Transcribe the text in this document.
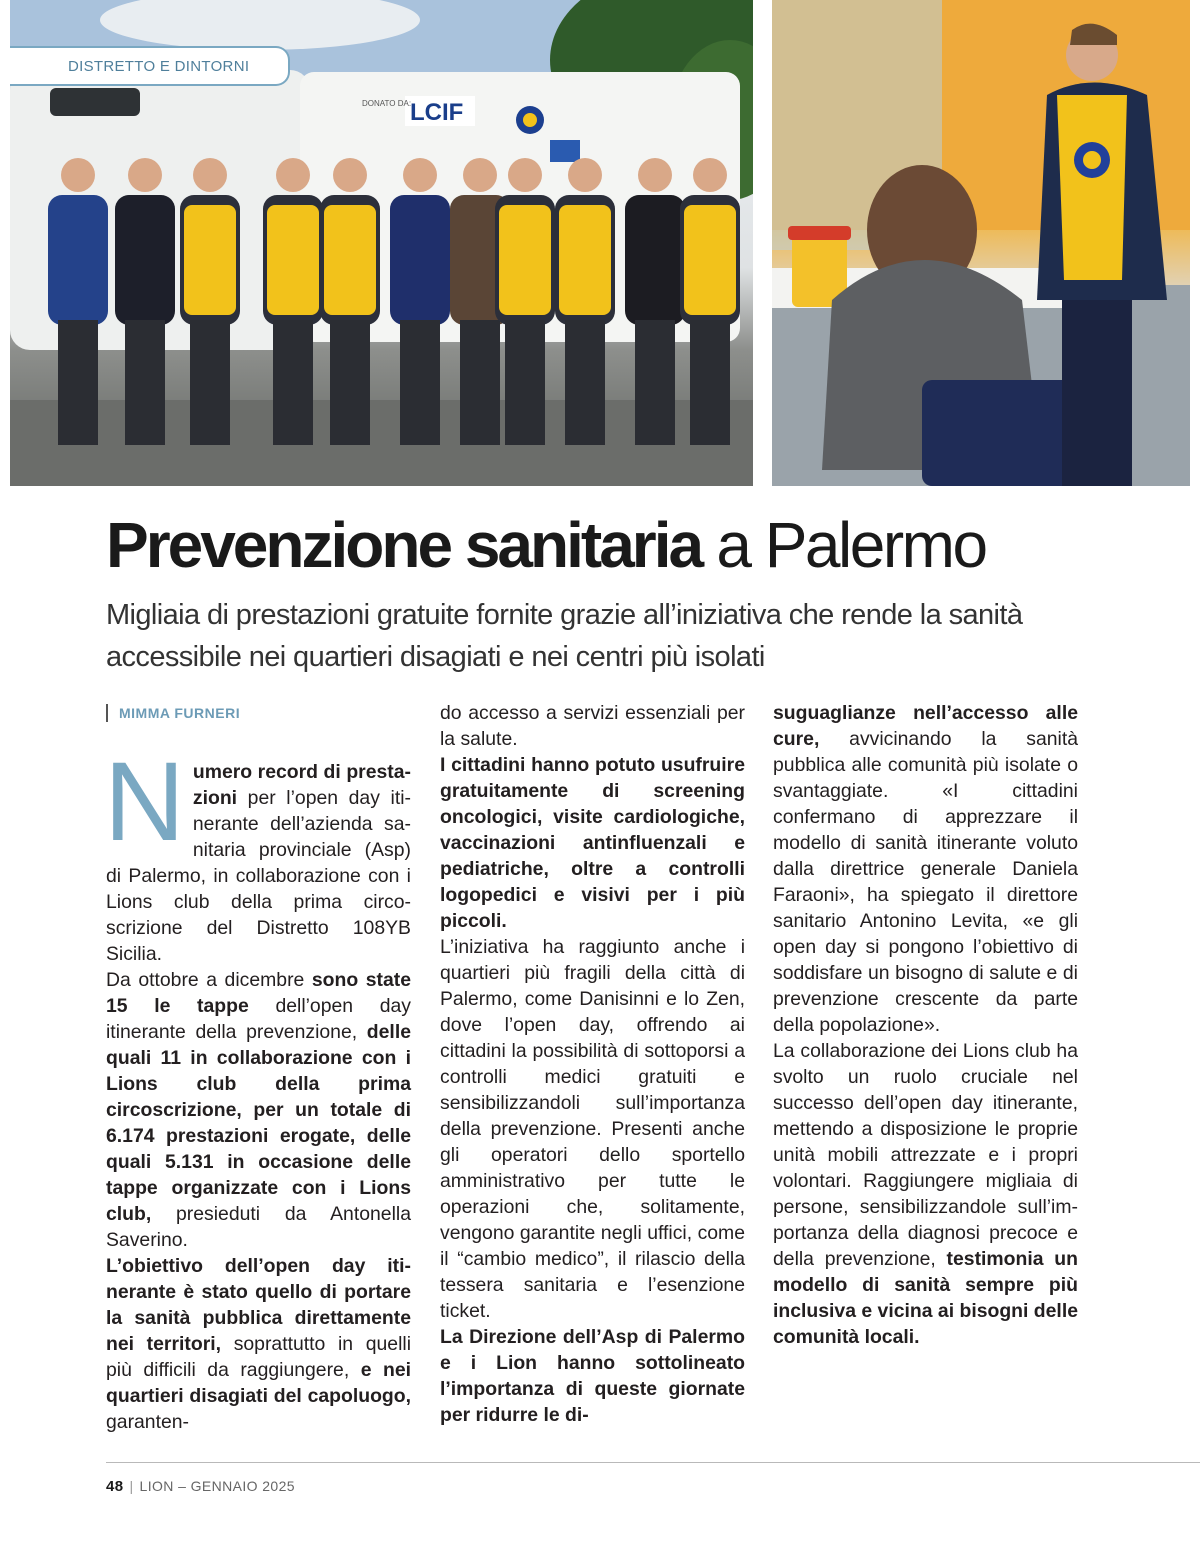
LCIF
DONATO DA:
DISTRETTO E DINTORNI
Prevenzione sanitaria a Palermo
Migliaia di prestazioni gratuite fornite grazie all’iniziativa che rende la sanità accessibile nei quartieri disagiati e nei centri più isolati
MIMMA FURNERI

Numero record di prestazioni per l’open day itinerante dell’azienda sanitaria provinciale (Asp) di Palermo, in collaborazione con i Lions club della prima circoscrizione del Distretto 108YB Sicilia.

Da ottobre a dicembre sono state 15 le tappe dell’open day itinerante della prevenzione, delle quali 11 in collaborazione con i Lions club della prima circoscrizione, per un totale di 6.174 prestazioni erogate, delle quali 5.131 in occasione delle tappe organizzate con i Lions club, presieduti da Antonella Saverino.

L’obiettivo dell’open day itinerante è stato quello di portare la sanità pubblica direttamente nei territori, soprattutto in quelli più difficili da raggiungere, e nei quartieri disagiati del capoluogo, garanten-

do accesso a servizi essenziali per la salute.

I cittadini hanno potuto usufruire gratuitamente di screening oncologici, visite cardiologiche, vaccinazioni antinfluenzali e pediatriche, oltre a controlli logopedici e visivi per i più piccoli.

L’iniziativa ha raggiunto anche i quartieri più fragili della città di Palermo, come Danisinni e lo Zen, dove l’open day, offrendo ai cittadini la possibilità di sottoporsi a controlli medici gratuiti e sensibilizzandoli sull’importanza della prevenzione. Presenti anche gli operatori dello sportello amministrativo per tutte le operazioni che, solitamente, vengono garantite negli uffici, come il “cambio medico”, il rilascio della tessera sanitaria e l’esenzione ticket.

La Direzione dell’Asp di Palermo e i Lion hanno sottolineato l’importanza di queste giornate per ridurre le di-

suguaglianze nell’accesso alle cure, avvicinando la sanità pubblica alle comunità più isolate o svantaggiate. «I cittadini confermano di apprezzare il modello di sanità itinerante voluto dalla direttrice generale Daniela Faraoni», ha spiegato il direttore sanitario Antonino Levita, «e gli open day si pongono l’obiettivo di soddisfare un bisogno di salute e di prevenzione crescente da parte della popolazione».

La collaborazione dei Lions club ha svolto un ruolo cruciale nel successo dell’open day itinerante, mettendo a disposizione le proprie unità mobili attrezzate e i propri volontari. Raggiungere migliaia di persone, sensibilizzandole sull’importanza della diagnosi precoce e della prevenzione, testimonia un modello di sanità sempre più inclusiva e vicina ai bisogni delle comunità locali.

48 | LION – GENNAIO 2025
